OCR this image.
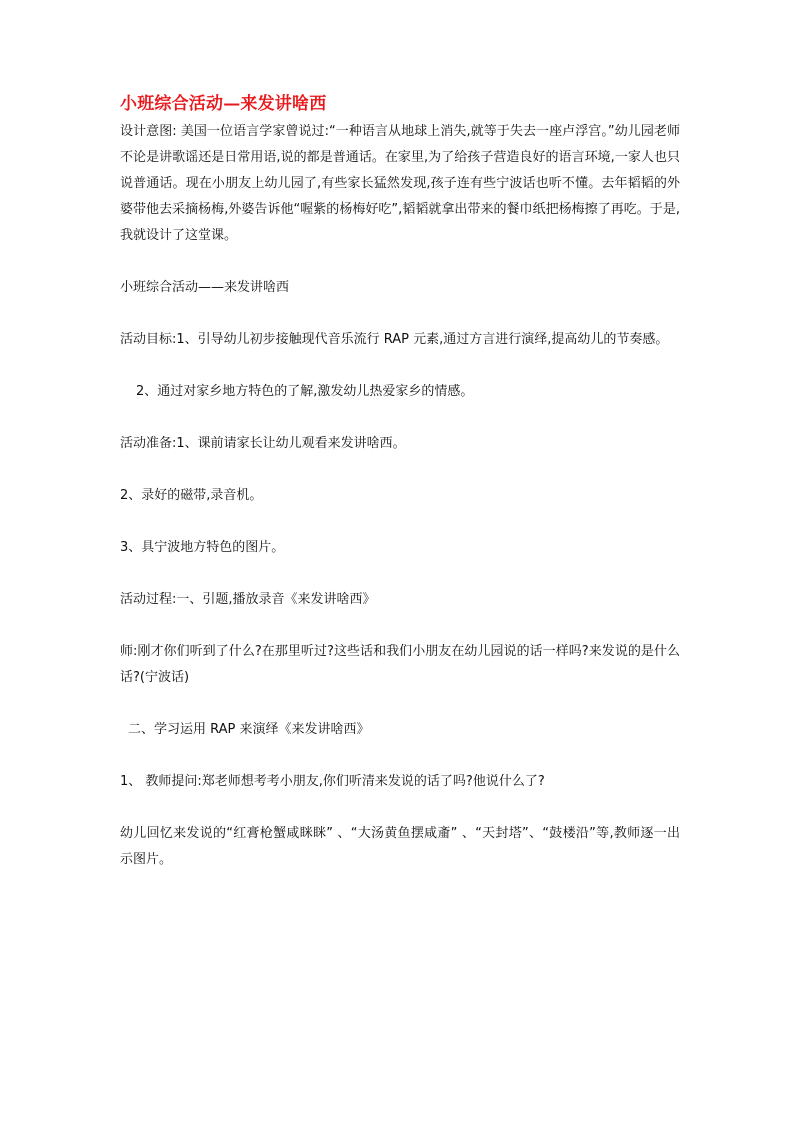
小班综合活动—来发讲啥西

设计意图: 美国一位语言学家曾说过:“一种语言从地球上消失,就等于失去一座卢浮宫。”幼儿园老师不论是讲歌谣还是日常用语,说的都是普通话。在家里,为了给孩子营造良好的语言环境,一家人也只说普通话。现在小朋友上幼儿园了,有些家长猛然发现,孩子连有些宁波话也听不懂。去年韬韬的外婆带他去采摘杨梅,外婆告诉他“喔紫的杨梅好吃”,韬韬就拿出带来的餐巾纸把杨梅擦了再吃。于是,我就设计了这堂课。

小班综合活动——来发讲啥西

活动目标:1、引导幼儿初步接触现代音乐流行 RAP 元素,通过方言进行演绎,提高幼儿的节奏感。

2、通过对家乡地方特色的了解,激发幼儿热爱家乡的情感。

活动准备:1、课前请家长让幼儿观看来发讲啥西。

2、录好的磁带,录音机。

3、具宁波地方特色的图片。

活动过程:一、引题,播放录音《来发讲啥西》

师:刚才你们听到了什么?在那里听过?这些话和我们小朋友在幼儿园说的话一样吗?来发说的是什么话?(宁波话)

二、学习运用 RAP 来演绎《来发讲啥西》

1、 教师提问:郑老师想考考小朋友,你们听清来发说的话了吗?他说什么了?

幼儿回忆来发说的“红膏枪蟹咸眯眯” 、“大汤黄鱼摆咸齑” 、“天封塔”、“鼓楼沿”等,教师逐一出示图片。
